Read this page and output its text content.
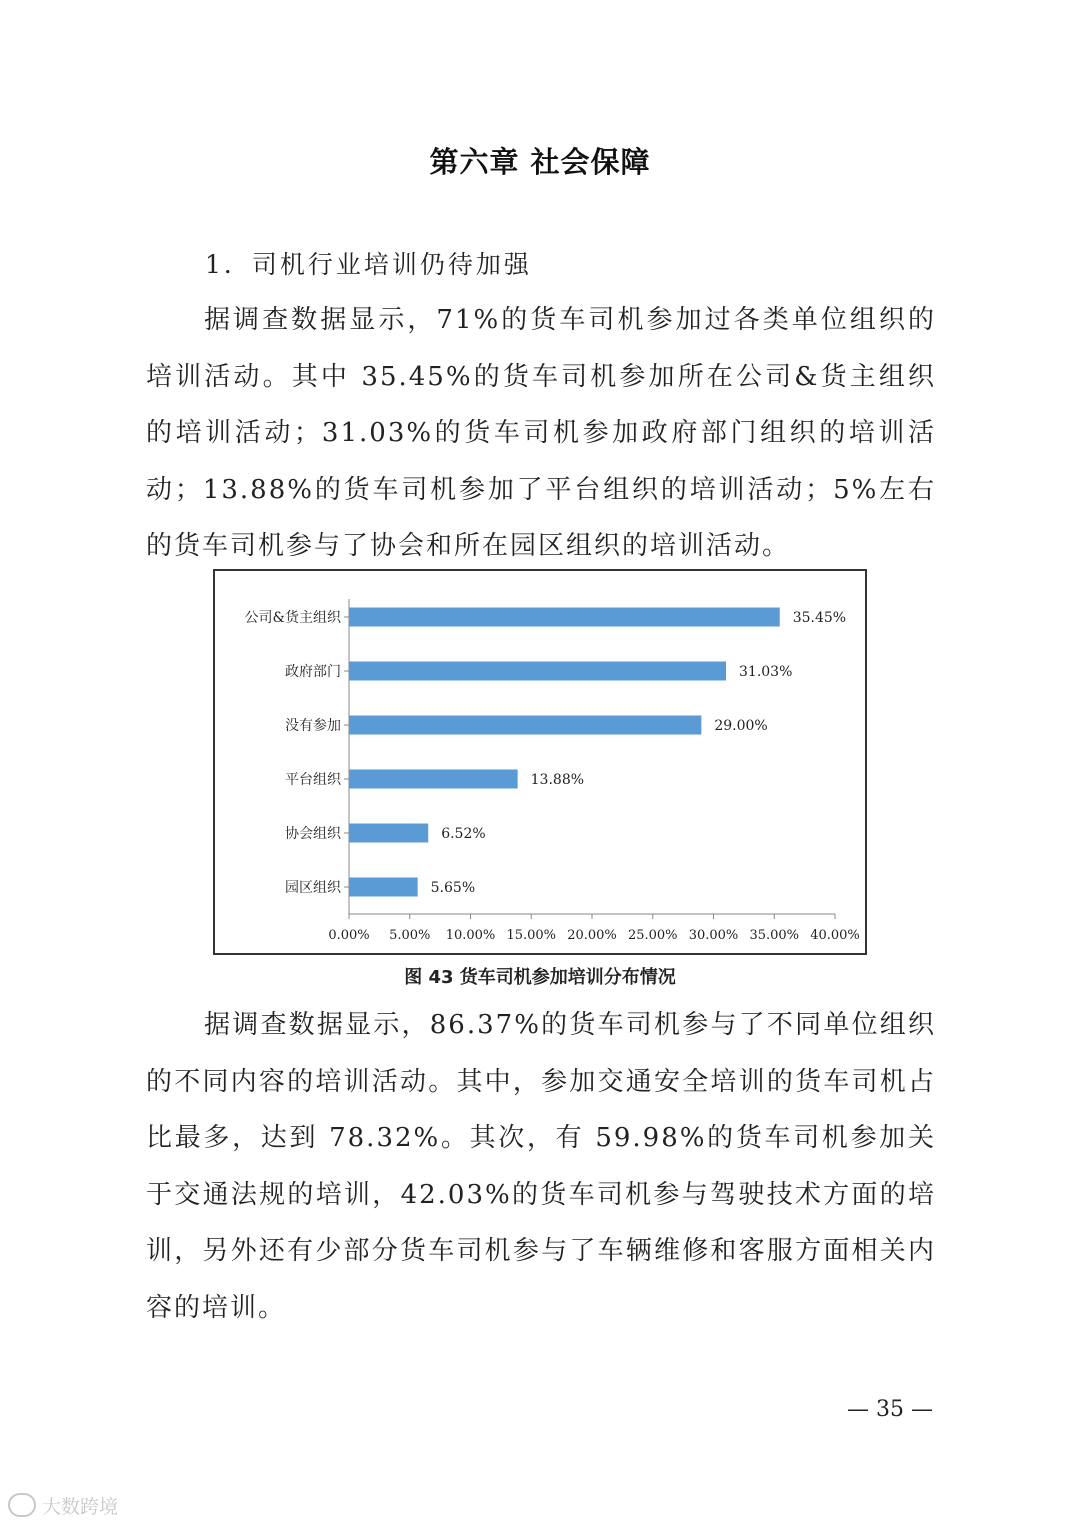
第六章 社会保障
1．司机行业培训仍待加强

据调查数据显示，71%的货车司机参加过各类单位组织的培训活动。其中 35.45%的货车司机参加所在公司&货主组织的培训活动；31.03%的货车司机参加政府部门组织的培训活动；13.88%的货车司机参加了平台组织的培训活动；5%左右的货车司机参与了协会和所在园区组织的培训活动。

0.00% 5.00% 10.00% 15.00% 20.00% 25.00% 30.00% 35.00% 40.00%
公司&货主组织	35.45%
政府部门	31.03%
没有参加	29.00%
平台组织	13.88%
协会组织	6.52%
园区组织	5.65%
图 43 货车司机参加培训分布情况

据调查数据显示，86.37%的货车司机参与了不同单位组织的不同内容的培训活动。其中，参加交通安全培训的货车司机占比最多，达到 78.32%。其次，有 59.98%的货车司机参加关于交通法规的培训，42.03%的货车司机参与驾驶技术方面的培训，另外还有少部分货车司机参与了车辆维修和客服方面相关内容的培训。

— 35 —
大数跨境
